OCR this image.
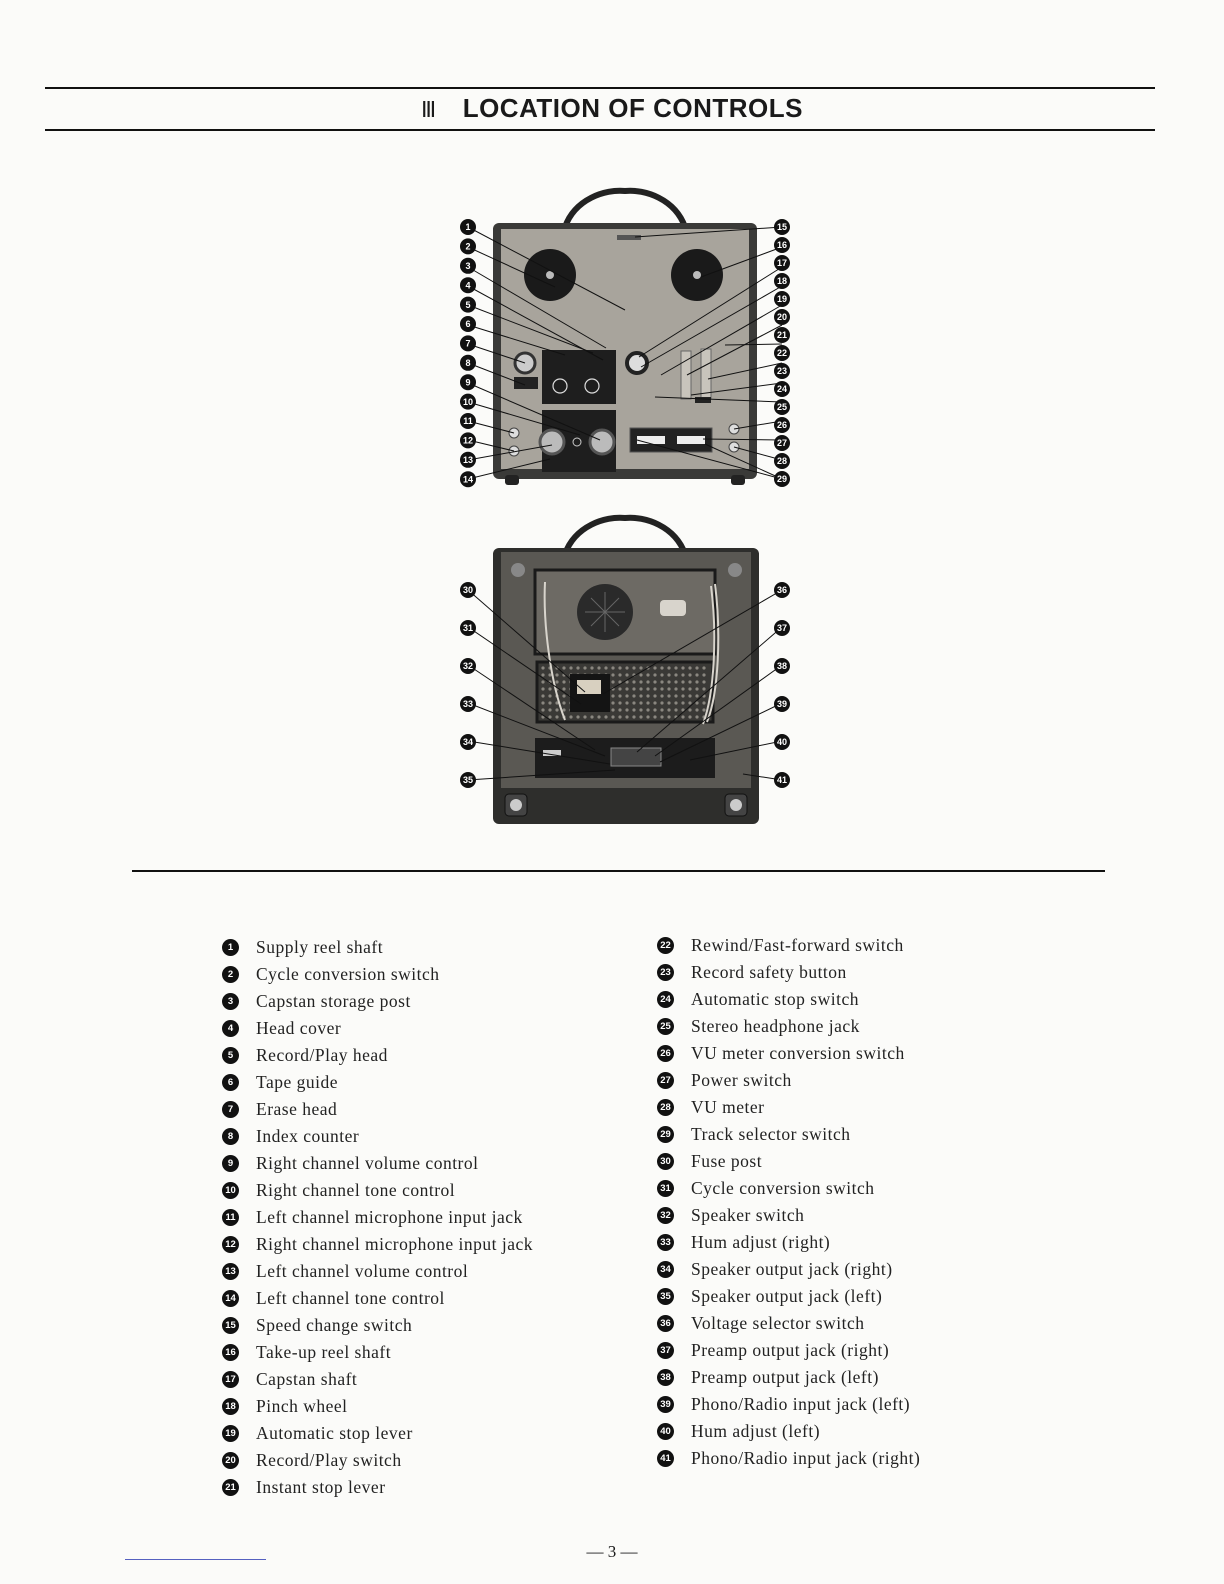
Ⅲ LOCATION OF CONTROLS
1
2
3
4
5
6
7
8
9
10
11
12
13
14
15
16
17
18
19
20
21
22
23
24
25
26
27
28
29
30
31
32
33
34
35
36
37
38
39
40
41
1	Supply reel shaft
2	Cycle conversion switch
3	Capstan storage post
4	Head cover
5	Record/Play head
6	Tape guide
7	Erase head
8	Index counter
9	Right channel volume control
10 Right channel tone control
11 Left channel microphone input jack
12 Right channel microphone input jack
13 Left channel volume control
14 Left channel tone control
15 Speed change switch
16 Take-up reel shaft
17 Capstan shaft
18 Pinch wheel
19 Automatic stop lever
20 Record/Play switch
21 Instant stop lever
22 Rewind/Fast-forward switch
23 Record safety button
24 Automatic stop switch
25 Stereo headphone jack
26 VU meter conversion switch
27 Power switch
28 VU meter
29 Track selector switch
30 Fuse post
31 Cycle conversion switch
32 Speaker switch
33 Hum adjust (right)
34 Speaker output jack (right)
35 Speaker output jack (left)
36 Voltage selector switch
37 Preamp output jack (right)
38 Preamp output jack (left)
39 Phono/Radio input jack (left)
40 Hum adjust (left)
41 Phono/Radio input jack (right)
— 3 —
